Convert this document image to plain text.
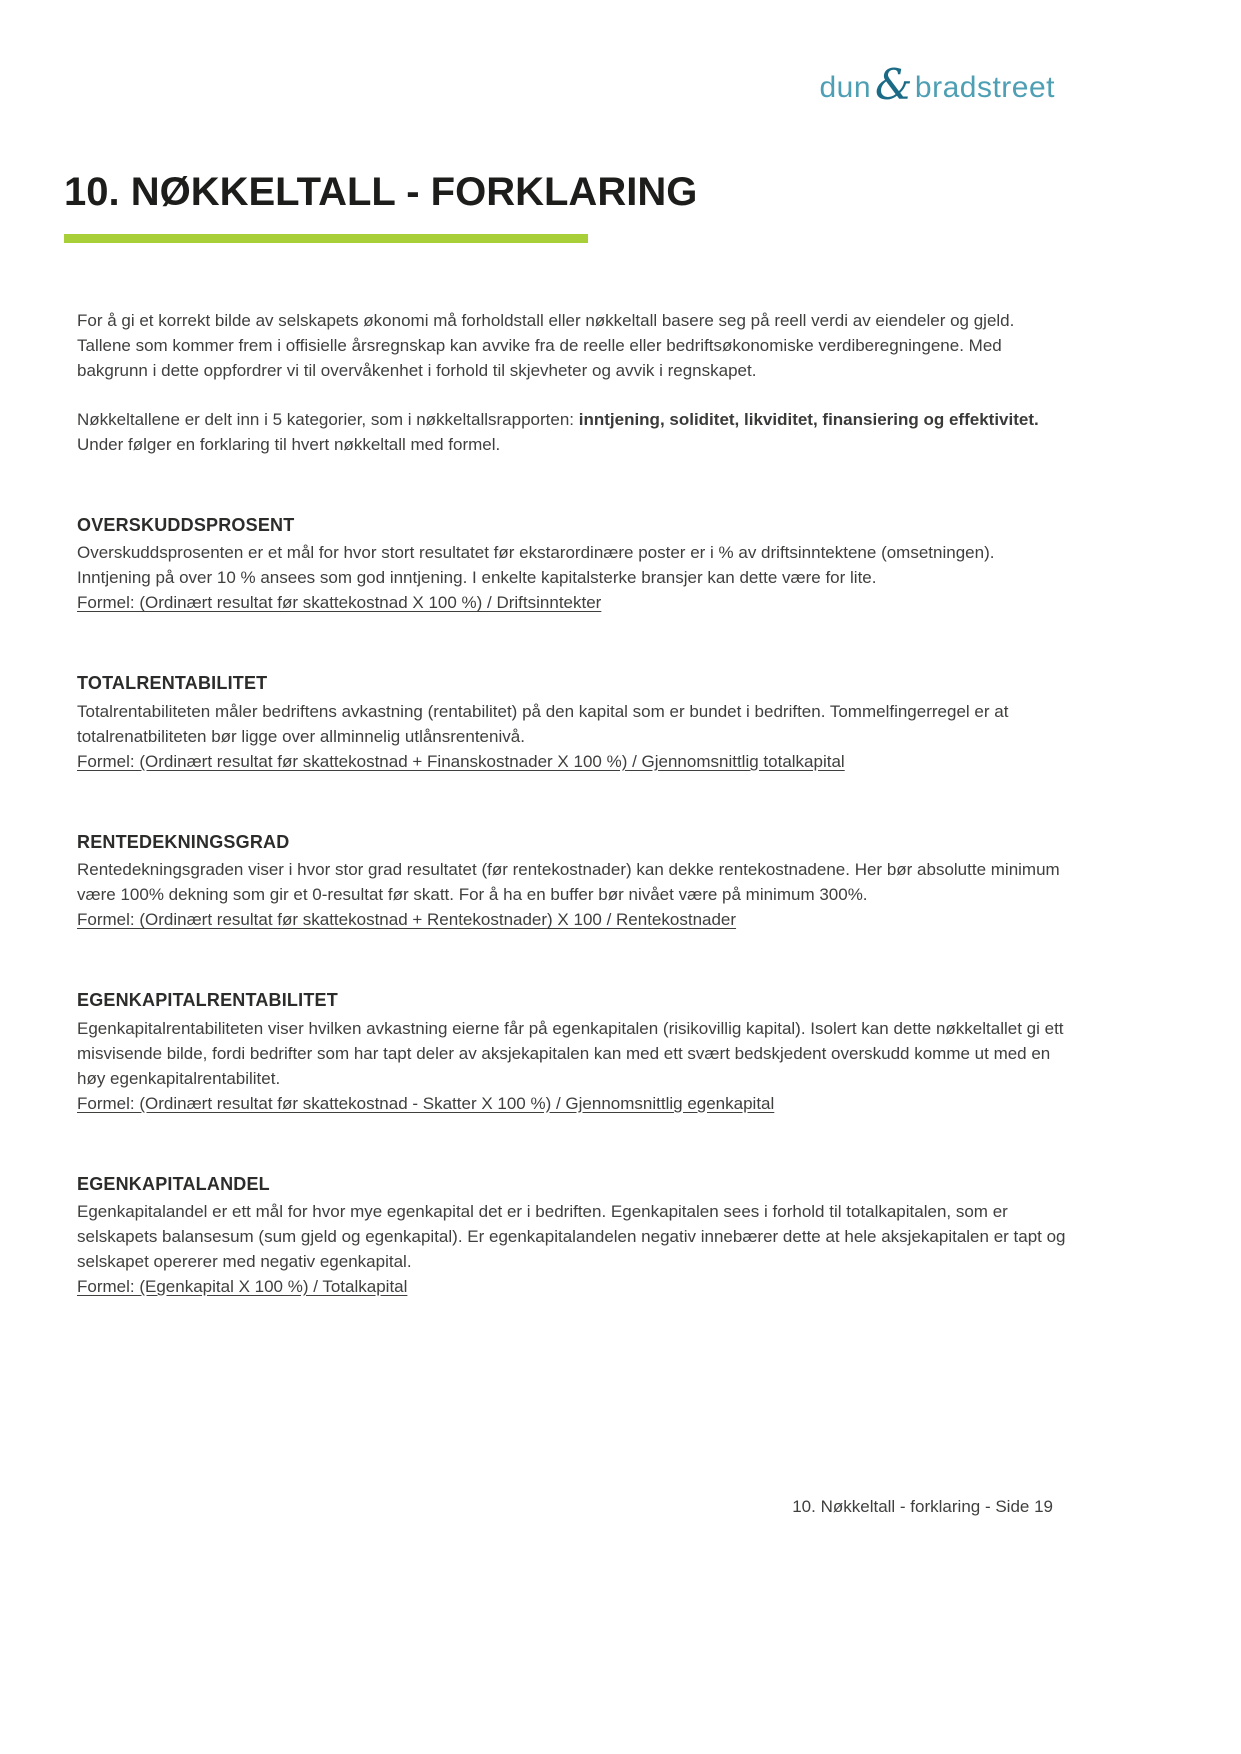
dun & bradstreet
10. NØKKELTALL - FORKLARING

For å gi et korrekt bilde av selskapets økonomi må forholdstall eller nøkkeltall basere seg på reell verdi av eiendeler og gjeld. Tallene som kommer frem i offisielle årsregnskap kan avvike fra de reelle eller bedriftsøkonomiske verdiberegningene. Med bakgrunn i dette oppfordrer vi til overvåkenhet i forhold til skjevheter og avvik i regnskapet.

Nøkkeltallene er delt inn i 5 kategorier, som i nøkkeltallsrapporten: inntjening, soliditet, likviditet, finansiering og effektivitet. Under følger en forklaring til hvert nøkkeltall med formel.

OVERSKUDDSPROSENT

Overskuddsprosenten er et mål for hvor stort resultatet før ekstarordinære poster er i % av driftsinntektene (omsetningen). Inntjening på over 10 % ansees som god inntjening. I enkelte kapitalsterke bransjer kan dette være for lite.

Formel: (Ordinært resultat før skattekostnad X 100 %) / Driftsinntekter

TOTALRENTABILITET

Totalrentabiliteten måler bedriftens avkastning (rentabilitet) på den kapital som er bundet i bedriften. Tommelfingerregel er at totalrenatbiliteten bør ligge over allminnelig utlånsrentenivå.

Formel: (Ordinært resultat før skattekostnad + Finanskostnader X 100 %) / Gjennomsnittlig totalkapital

RENTEDEKNINGSGRAD

Rentedekningsgraden viser i hvor stor grad resultatet (før rentekostnader) kan dekke rentekostnadene. Her bør absolutte minimum være 100% dekning som gir et 0-resultat før skatt. For å ha en buffer bør nivået være på minimum 300%.

Formel: (Ordinært resultat før skattekostnad + Rentekostnader) X 100 / Rentekostnader

EGENKAPITALRENTABILITET

Egenkapitalrentabiliteten viser hvilken avkastning eierne får på egenkapitalen (risikovillig kapital). Isolert kan dette nøkkeltallet gi ett misvisende bilde, fordi bedrifter som har tapt deler av aksjekapitalen kan med ett svært bedskjedent overskudd komme ut med en høy egenkapitalrentabilitet.

Formel: (Ordinært resultat før skattekostnad - Skatter X 100 %) / Gjennomsnittlig egenkapital

EGENKAPITALANDEL

Egenkapitalandel er ett mål for hvor mye egenkapital det er i bedriften. Egenkapitalen sees i forhold til totalkapitalen, som er selskapets balansesum (sum gjeld og egenkapital). Er egenkapitalandelen negativ innebærer dette at hele aksjekapitalen er tapt og selskapet opererer med negativ egenkapital.

Formel: (Egenkapital X 100 %) / Totalkapital

10. Nøkkeltall - forklaring - Side 19
